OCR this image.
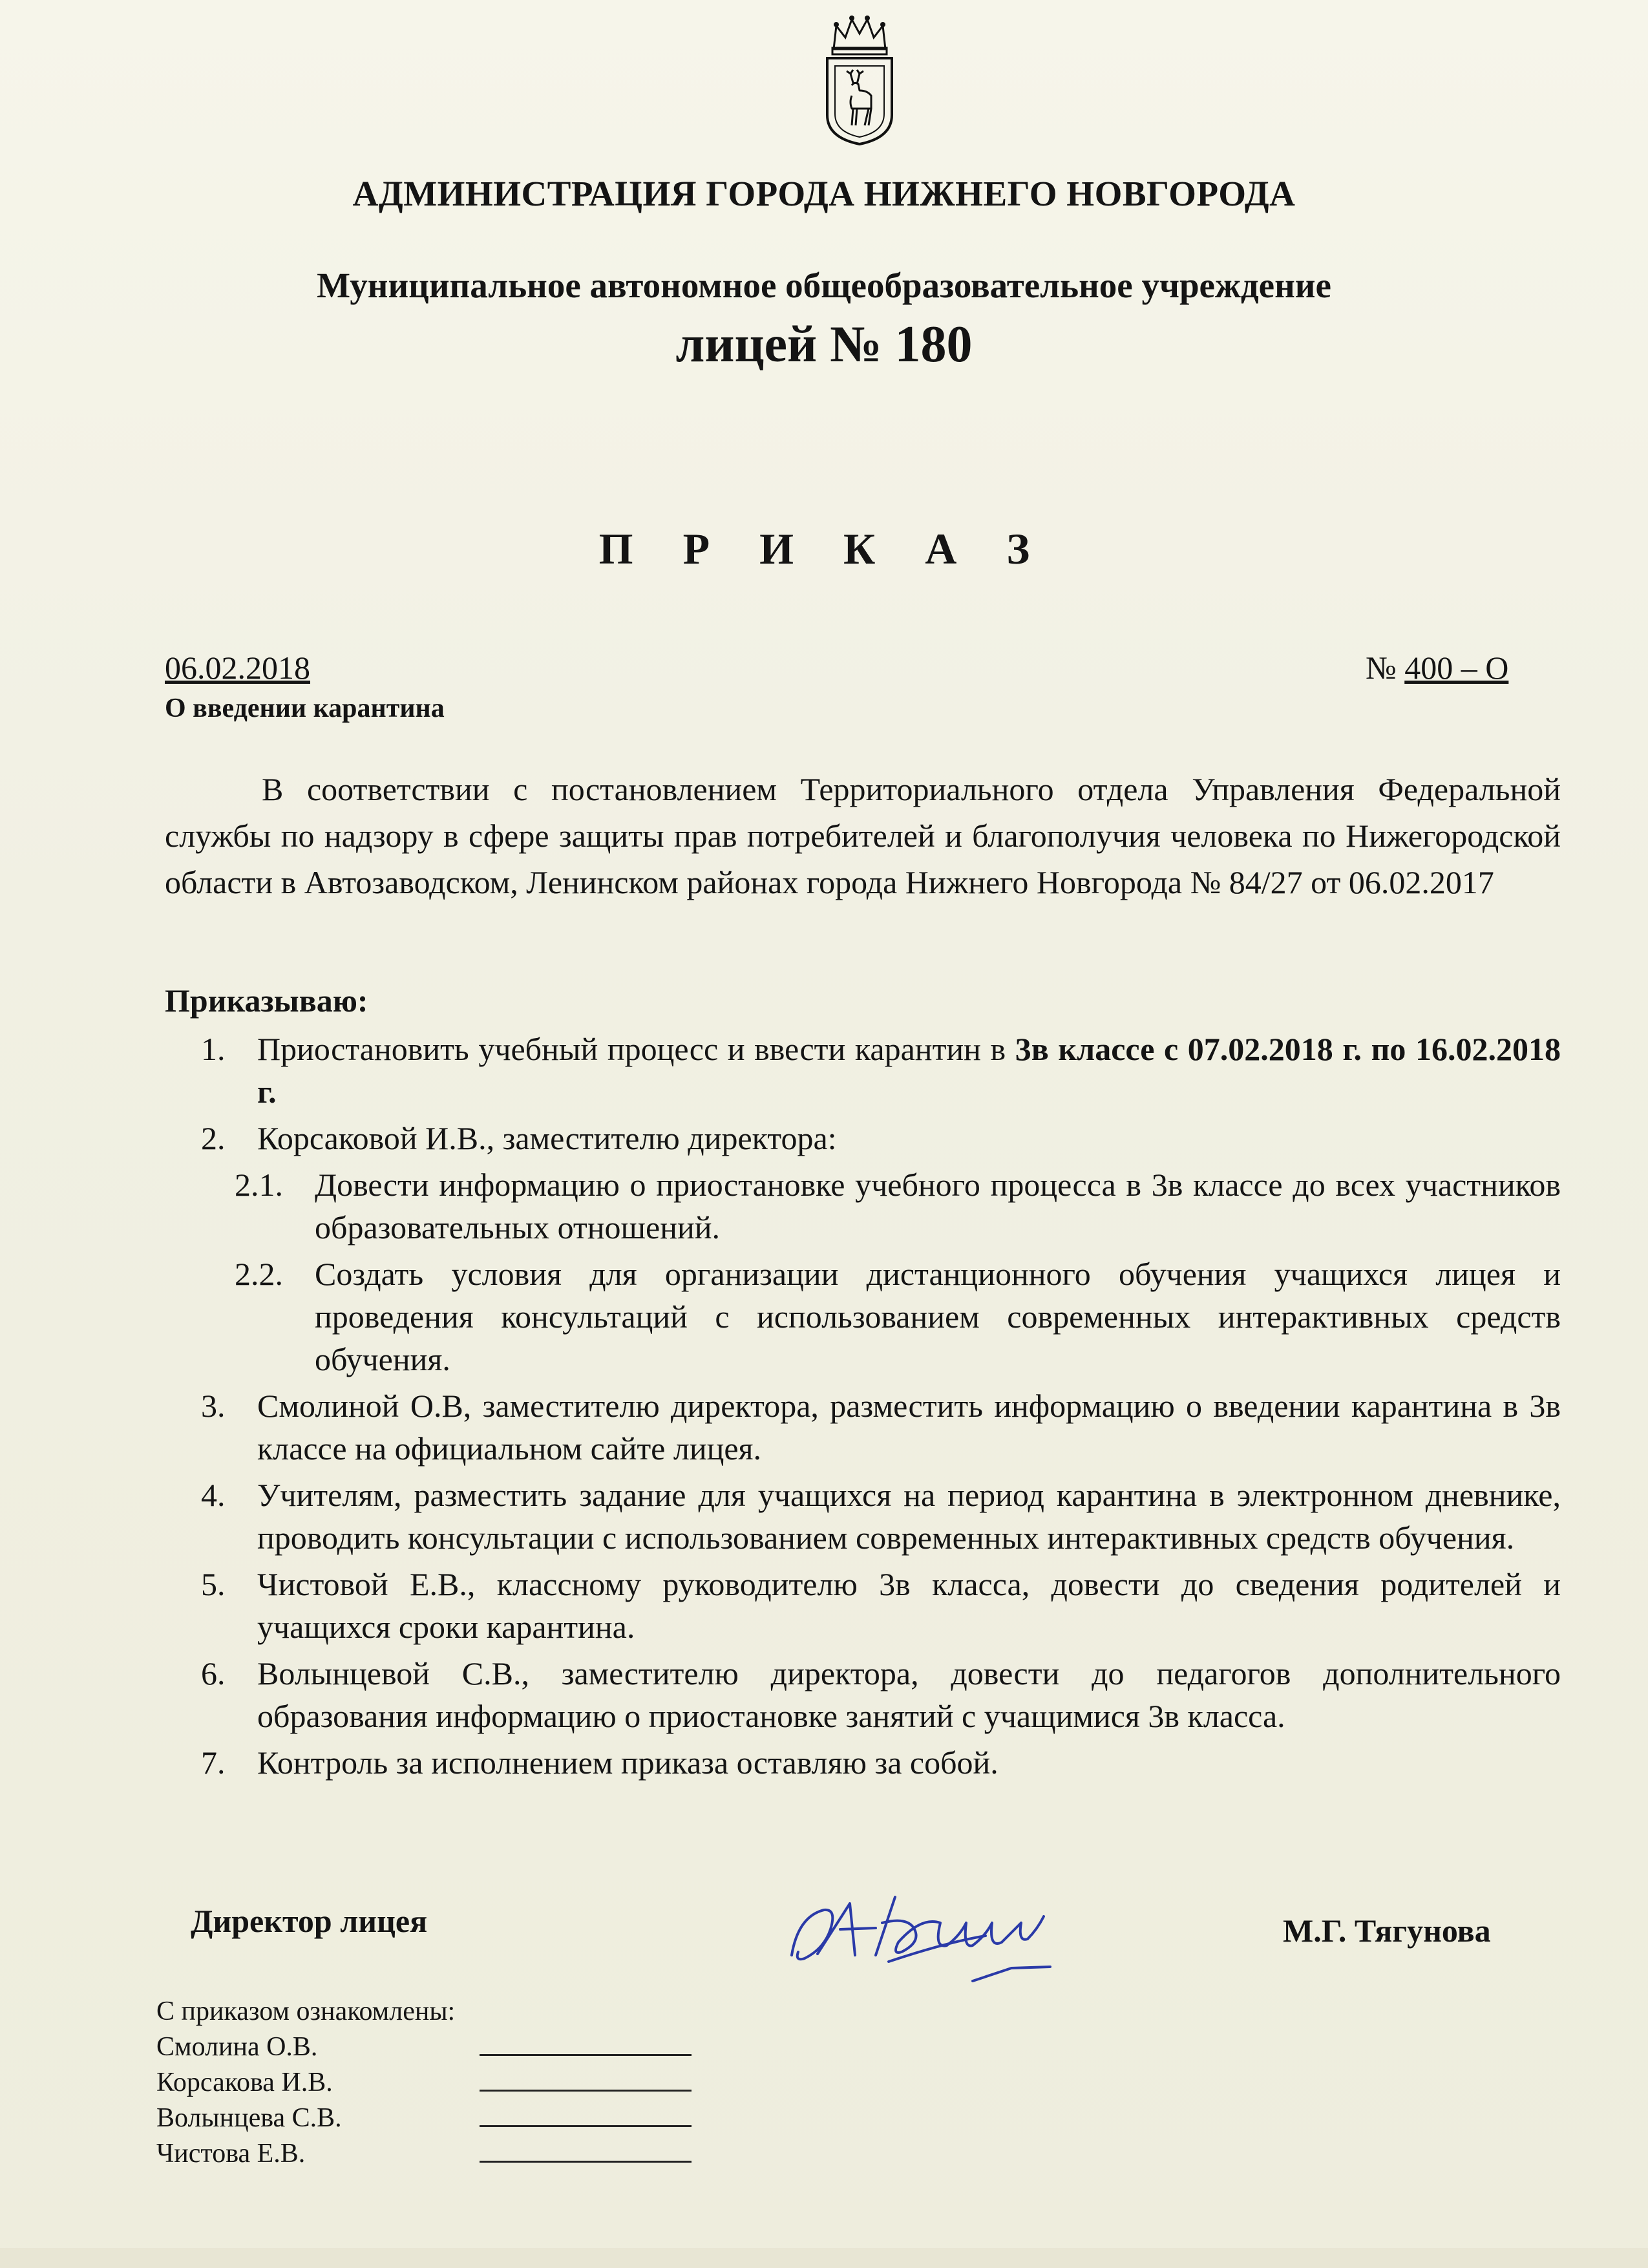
АДМИНИСТРАЦИЯ ГОРОДА НИЖНЕГО НОВГОРОДА
Муниципальное автономное общеобразовательное учреждение
лицей № 180
П Р И К А З
06.02.2018
О введении карантина
№ 400 – О
В соответствии с постановлением Территориального отдела Управления Федеральной службы по надзору в сфере защиты прав потребителей и благополучия человека по Нижегородской области в Автозаводском, Ленинском районах города Нижнего Новгорода № 84/27 от 06.02.2017
Приказываю:
1. Приостановить учебный процесс и ввести карантин в 3в классе с 07.02.2018 г. по 16.02.2018 г.
2. Корсаковой И.В., заместителю директора:
2.1. Довести информацию о приостановке учебного процесса в 3в классе до всех участников образовательных отношений.
2.2. Создать условия для организации дистанционного обучения учащихся лицея и проведения консультаций с использованием современных интерактивных средств обучения.
3. Смолиной О.В, заместителю директора, разместить информацию о введении карантина в 3в классе на официальном сайте лицея.
4. Учителям, разместить задание для учащихся на период карантина в электронном дневнике, проводить консультации с использованием современных интерактивных средств обучения.
5. Чистовой Е.В., классному руководителю 3в класса, довести до сведения родителей и учащихся сроки карантина.
6. Волынцевой С.В., заместителю директора, довести до педагогов дополнительного образования информацию о приостановке занятий с учащимися 3в класса.
7. Контроль за исполнением приказа оставляю за собой.
Директор лицея	М.Г. Тягунова
С приказом ознакомлены:
Смолина О.В.
Корсакова И.В.
Волынцева С.В.
Чистова Е.В.
